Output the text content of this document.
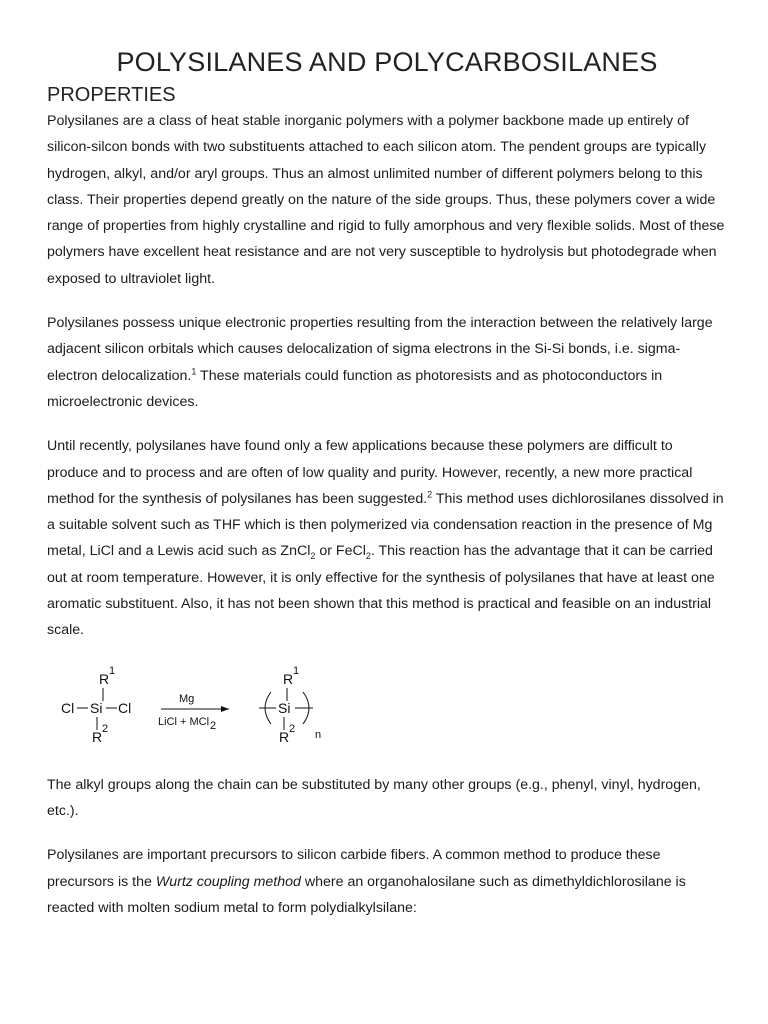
POLYSILANES AND POLYCARBOSILANES
PROPERTIES

Polysilanes are a class of heat stable inorganic polymers with a polymer backbone made up entirely of silicon-silcon bonds with two substituents attached to each silicon atom. The pendent groups are typically hydrogen, alkyl, and/or aryl groups. Thus an almost unlimited number of different polymers belong to this class. Their properties depend greatly on the nature of the side groups. Thus, these polymers cover a wide range of properties from highly crystalline and rigid to fully amorphous and very flexible solids. Most of these polymers have excellent heat resistance and are not very susceptible to hydrolysis but photodegrade when exposed to ultraviolet light.

Polysilanes possess unique electronic properties resulting from the interaction between the relatively large adjacent silicon orbitals which causes delocalization of sigma electrons in the Si-Si bonds, i.e. sigma-electron delocalization.$^1$ These materials could function as photoresists and as photoconductors in microelectronic devices.

Until recently, polysilanes have found only a few applications because these polymers are difficult to produce and to process and are often of low quality and purity. However, recently, a new more practical method for the synthesis of polysilanes has been suggested.$^2$ This method uses dichlorosilanes dissolved in a suitable solvent such as THF which is then polymerized via condensation reaction in the presence of Mg metal, LiCl and a Lewis acid such as ZnCl$_2$ or FeCl$_2$. This reaction has the advantage that it can be carried out at room temperature. However, it is only effective for the synthesis of polysilanes that have at least one aromatic substituent. Also, it has not been shown that this method is practical and feasible on an industrial scale.

R 1
Cl Si Cl
R 2
Mg
LiCl + MCl 2
R 1
Si
R 2 n

The alkyl groups along the chain can be substituted by many other groups (e.g., phenyl, vinyl, hydrogen, etc.).

Polysilanes are important precursors to silicon carbide fibers. A common method to produce these precursors is the Wurtz coupling method where an organohalosilane such as dimethyldichlorosilane is reacted with molten sodium metal to form polydialkylsilane:
